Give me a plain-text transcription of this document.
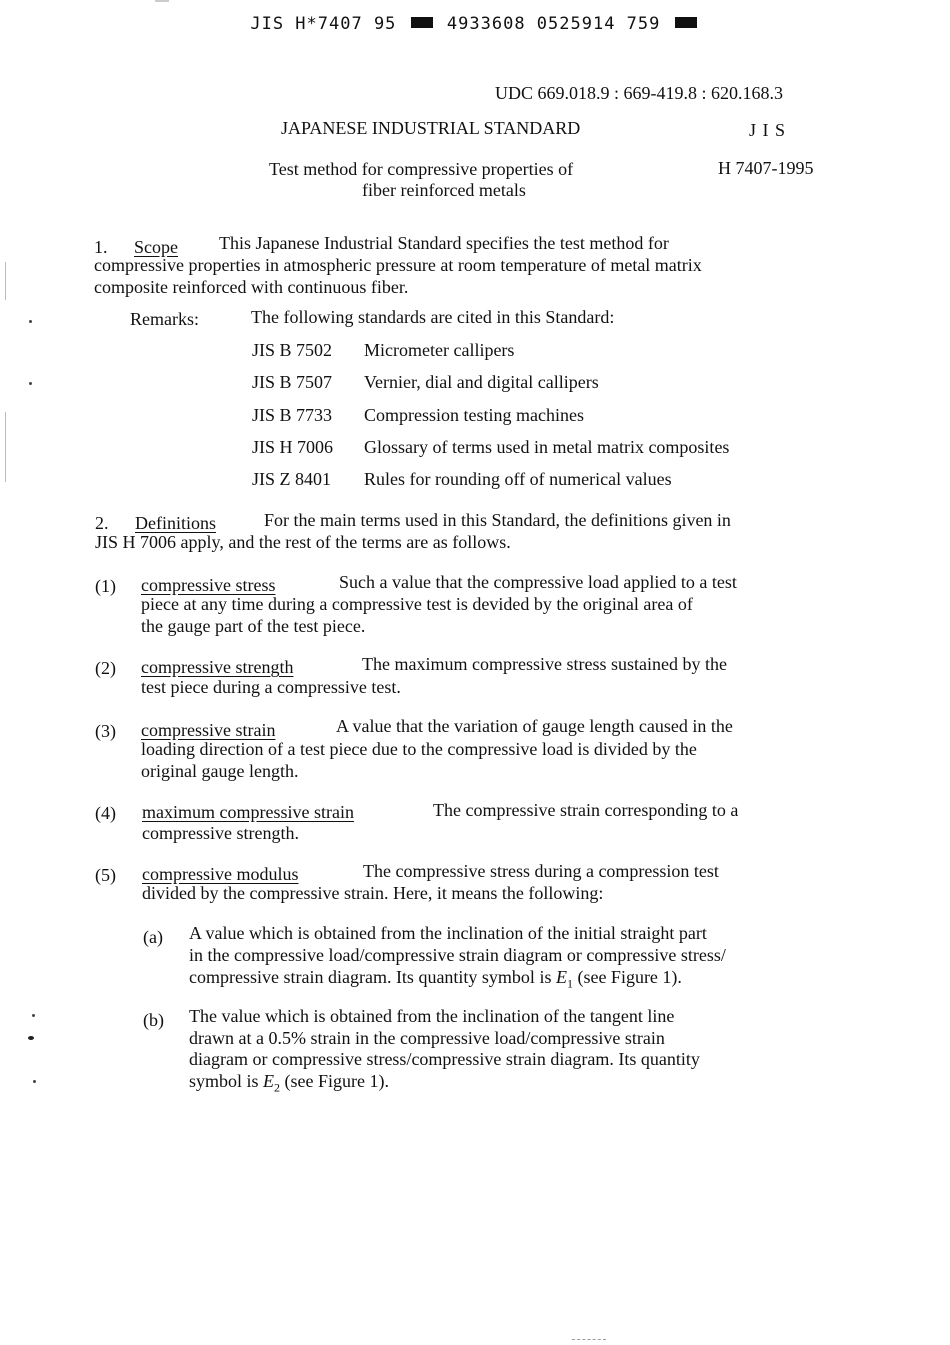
JIS H*7407 95	4933608 0525914 759
UDC 669.018.9 : 669-419.8 : 620.168.3
JAPANESE INDUSTRIAL STANDARD	J I S
Test method for compressive properties of
fiber reinforced metals
H 7407-1995
1. Scope This Japanese Industrial Standard specifies the test method for
compressive properties in atmospheric pressure at room temperature of metal matrix
composite reinforced with continuous fiber.
Remarks:	The following standards are cited in this Standard:
JIS B 7502 Micrometer callipers
JIS B 7507 Vernier, dial and digital callipers
JIS B 7733 Compression testing machines
JIS H 7006 Glossary of terms used in metal matrix composites
JIS Z 8401 Rules for rounding off of numerical values
2. Definitions	For the main terms used in this Standard, the definitions given in
JIS H 7006 apply, and the rest of the terms are as follows.
(1) compressive stress	Such a value that the compressive load applied to a test
piece at any time during a compressive test is devided by the original area of
the gauge part of the test piece.
(2) compressive strength	The maximum compressive stress sustained by the
test piece during a compressive test.
(3) compressive strain	A value that the variation of gauge length caused in the
loading direction of a test piece due to the compressive load is divided by the
original gauge length.
(4) maximum compressive strain	The compressive strain corresponding to a
compressive strength.
(5) compressive modulus	The compressive stress during a compression test
divided by the compressive strain. Here, it means the following:
(a) A value which is obtained from the inclination of the initial straight part
in the compressive load/compressive strain diagram or compressive stress/
compressive strain diagram. Its quantity symbol is $E_1$ (see Figure 1).
(b) The value which is obtained from the inclination of the tangent line
drawn at a 0.5% strain in the compressive load/compressive strain
diagram or compressive stress/compressive strain diagram. Its quantity
symbol is $E_2$ (see Figure 1).
